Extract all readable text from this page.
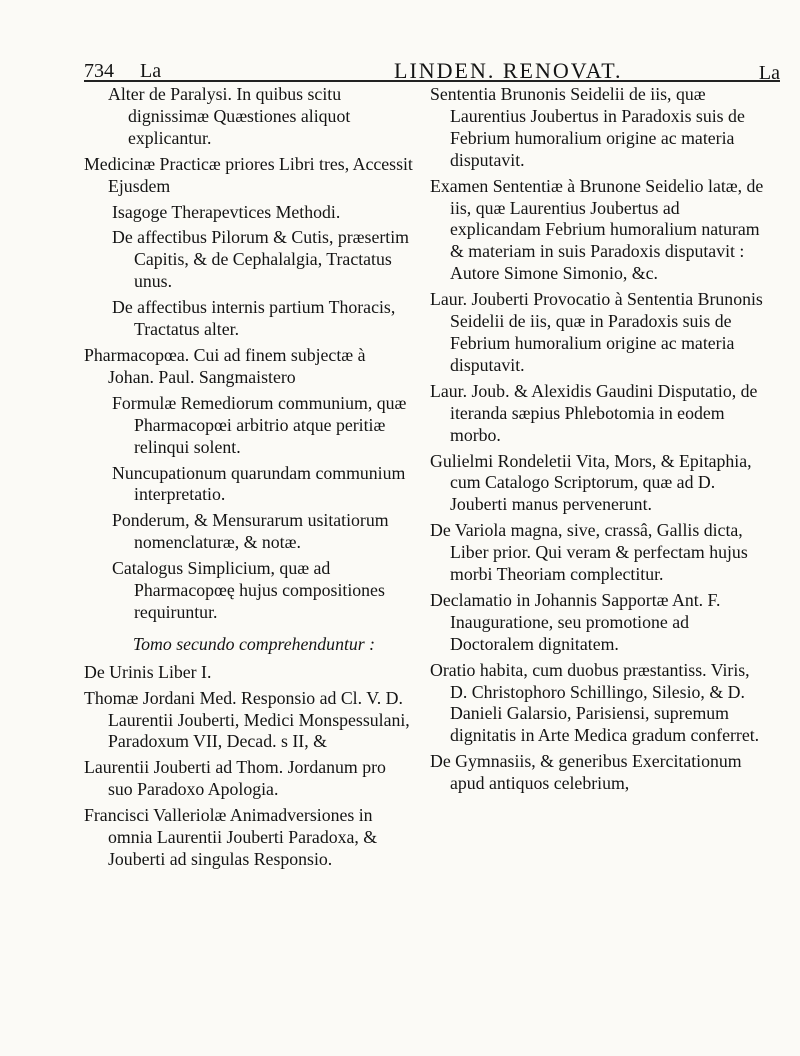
734 La	LINDEN. RENOVAT.	La
Alter de Paralysi. In quibus scitu dignissimæ Quæstiones aliquot explicantur.
Medicinæ Practicæ priores Libri tres, Accessit Ejusdem
Isagoge Therapevtices Methodi.
De affectibus Pilorum & Cutis, præsertim Capitis, & de Cephalalgia, Tractatus unus.
De affectibus internis partium Thoracis, Tractatus alter.
Pharmacopœa. Cui ad finem subjectæ à Johan. Paul. Sangmaistero
Formulæ Remediorum communium, quæ Pharmacopœi arbitrio atque peritiæ relinqui solent.
Nuncupationum quarundam communium interpretatio.
Ponderum, & Mensurarum usitatiorum nomenclaturæ, & notæ.
Catalogus Simplicium, quæ ad Pharmacopœę hujus compositiones requiruntur.
Tomo secundo comprehenduntur :
De Urinis Liber I.
Thomæ Jordani Med. Responsio ad Cl. V. D. Laurentii Jouberti, Medici Monspessulani, Paradoxum VII, Decad. s II, &
Laurentii Jouberti ad Thom. Jordanum pro suo Paradoxo Apologia.
Francisci Valleriolæ Animadversiones in omnia Laurentii Jouberti Paradoxa, & Jouberti ad singulas Responsio.
Sententia Brunonis Seidelii de iis, quæ Laurentius Joubertus in Paradoxis suis de Febrium humoralium origine ac materia disputavit.
Examen Sententiæ à Brunone Seidelio latæ, de iis, quæ Laurentius Joubertus ad explicandam Febrium humoralium naturam & materiam in suis Paradoxis disputavit : Autore Simone Simonio, &c.
Laur. Jouberti Provocatio à Sententia Brunonis Seidelii de iis, quæ in Paradoxis suis de Febrium humoralium origine ac materia disputavit.
Laur. Joub. & Alexidis Gaudini Disputatio, de iteranda sæpius Phlebotomia in eodem morbo.
Gulielmi Rondeletii Vita, Mors, & Epitaphia, cum Catalogo Scriptorum, quæ ad D. Jouberti manus pervenerunt.
De Variola magna, sive, crassâ, Gallis dicta, Liber prior. Qui veram & perfectam hujus morbi Theoriam complectitur.
Declamatio in Johannis Sapportæ Ant. F. Inauguratione, seu promotione ad Doctoralem dignitatem.
Oratio habita, cum duobus præstantiss. Viris, D. Christophoro Schillingo, Silesio, & D. Danieli Galarsio, Parisiensi, supremum dignitatis in Arte Medica gradum conferret.
De Gymnasiis, & generibus Exercitationum apud antiquos celebrium,
